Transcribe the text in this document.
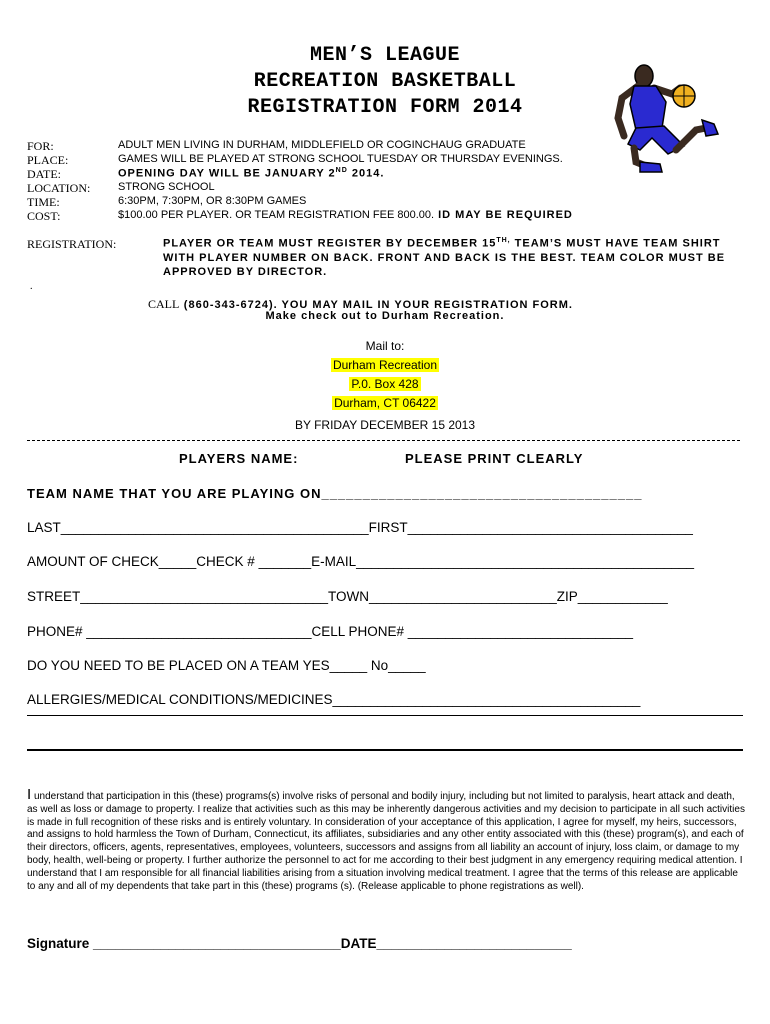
MEN’S LEAGUE
RECREATION BASKETBALL
REGISTRATION FORM 2014
FOR:	ADULT MEN LIVING IN DURHAM, MIDDLEFIELD OR COGINCHAUG GRADUATE
PLACE:	GAMES WILL BE PLAYED AT STRONG SCHOOL TUESDAY OR THURSDAY EVENINGS.
DATE:	OPENING DAY WILL BE JANUARY 2ND 2014.
LOCATION:	STRONG SCHOOL
TIME:	6:30PM, 7:30PM, OR 8:30PM GAMES
COST:	$100.00 PER PLAYER. OR TEAM REGISTRATION FEE 800.00. ID MAY BE REQUIRED
REGISTRATION:	PLAYER OR TEAM MUST REGISTER BY DECEMBER $15^{TH,}$ TEAM’S MUST HAVE TEAM SHIRT
WITH PLAYER NUMBER ON BACK. FRONT AND BACK IS THE BEST. TEAM COLOR MUST BE
APPROVED BY DIRECTOR.
.
CALL (860-343-6724). YOU MAY MAIL IN YOUR REGISTRATION FORM.
Make check out to Durham Recreation.
Mail to:
Durham Recreation
P.0. Box 428
Durham, CT 06422
BY FRIDAY DECEMBER 15 2013
PLAYERS NAME:	PLEASE PRINT CLEARLY
TEAM NAME THAT YOU ARE PLAYING ON_______________________________________
LAST_________________________________________FIRST______________________________________
AMOUNT OF CHECK_____CHECK # _______E-MAIL_____________________________________________
STREET_________________________________TOWN_________________________ZIP____________
PHONE# ______________________________CELL PHONE# ______________________________
DO YOU NEED TO BE PLACED ON A TEAM YES_____ No_____
ALLERGIES/MEDICAL CONDITIONS/MEDICINES_________________________________________
I understand that participation in this (these) programs(s) involve risks of personal and bodily injury, including but not limited to paralysis, heart attack and death, as well as loss or damage to property. I realize that activities such as this may be inherently dangerous activities and my decision to participate in all such activities is made in full recognition of these risks and is entirely voluntary. In consideration of your acceptance of this application, I agree for myself, my heirs, successors, and assigns to hold harmless the Town of Durham, Connecticut, its affiliates, subsidiaries and any other entity associated with this (these) program(s), and each of their directors, officers, agents, representatives, employees, volunteers, successors and assigns from all liability an account of injury, loss claim, or damage to my body, health, well-being or property. I further authorize the personnel to act for me according to their best judgment in any emergency requiring medical attention. I understand that I am responsible for all financial liabilities arising from a situation involving medical treatment. I agree that the terms of this release are applicable to any and all of my dependents that take part in this (these) programs (s). (Release applicable to phone registrations as well).
Signature _________________________________DATE__________________________
